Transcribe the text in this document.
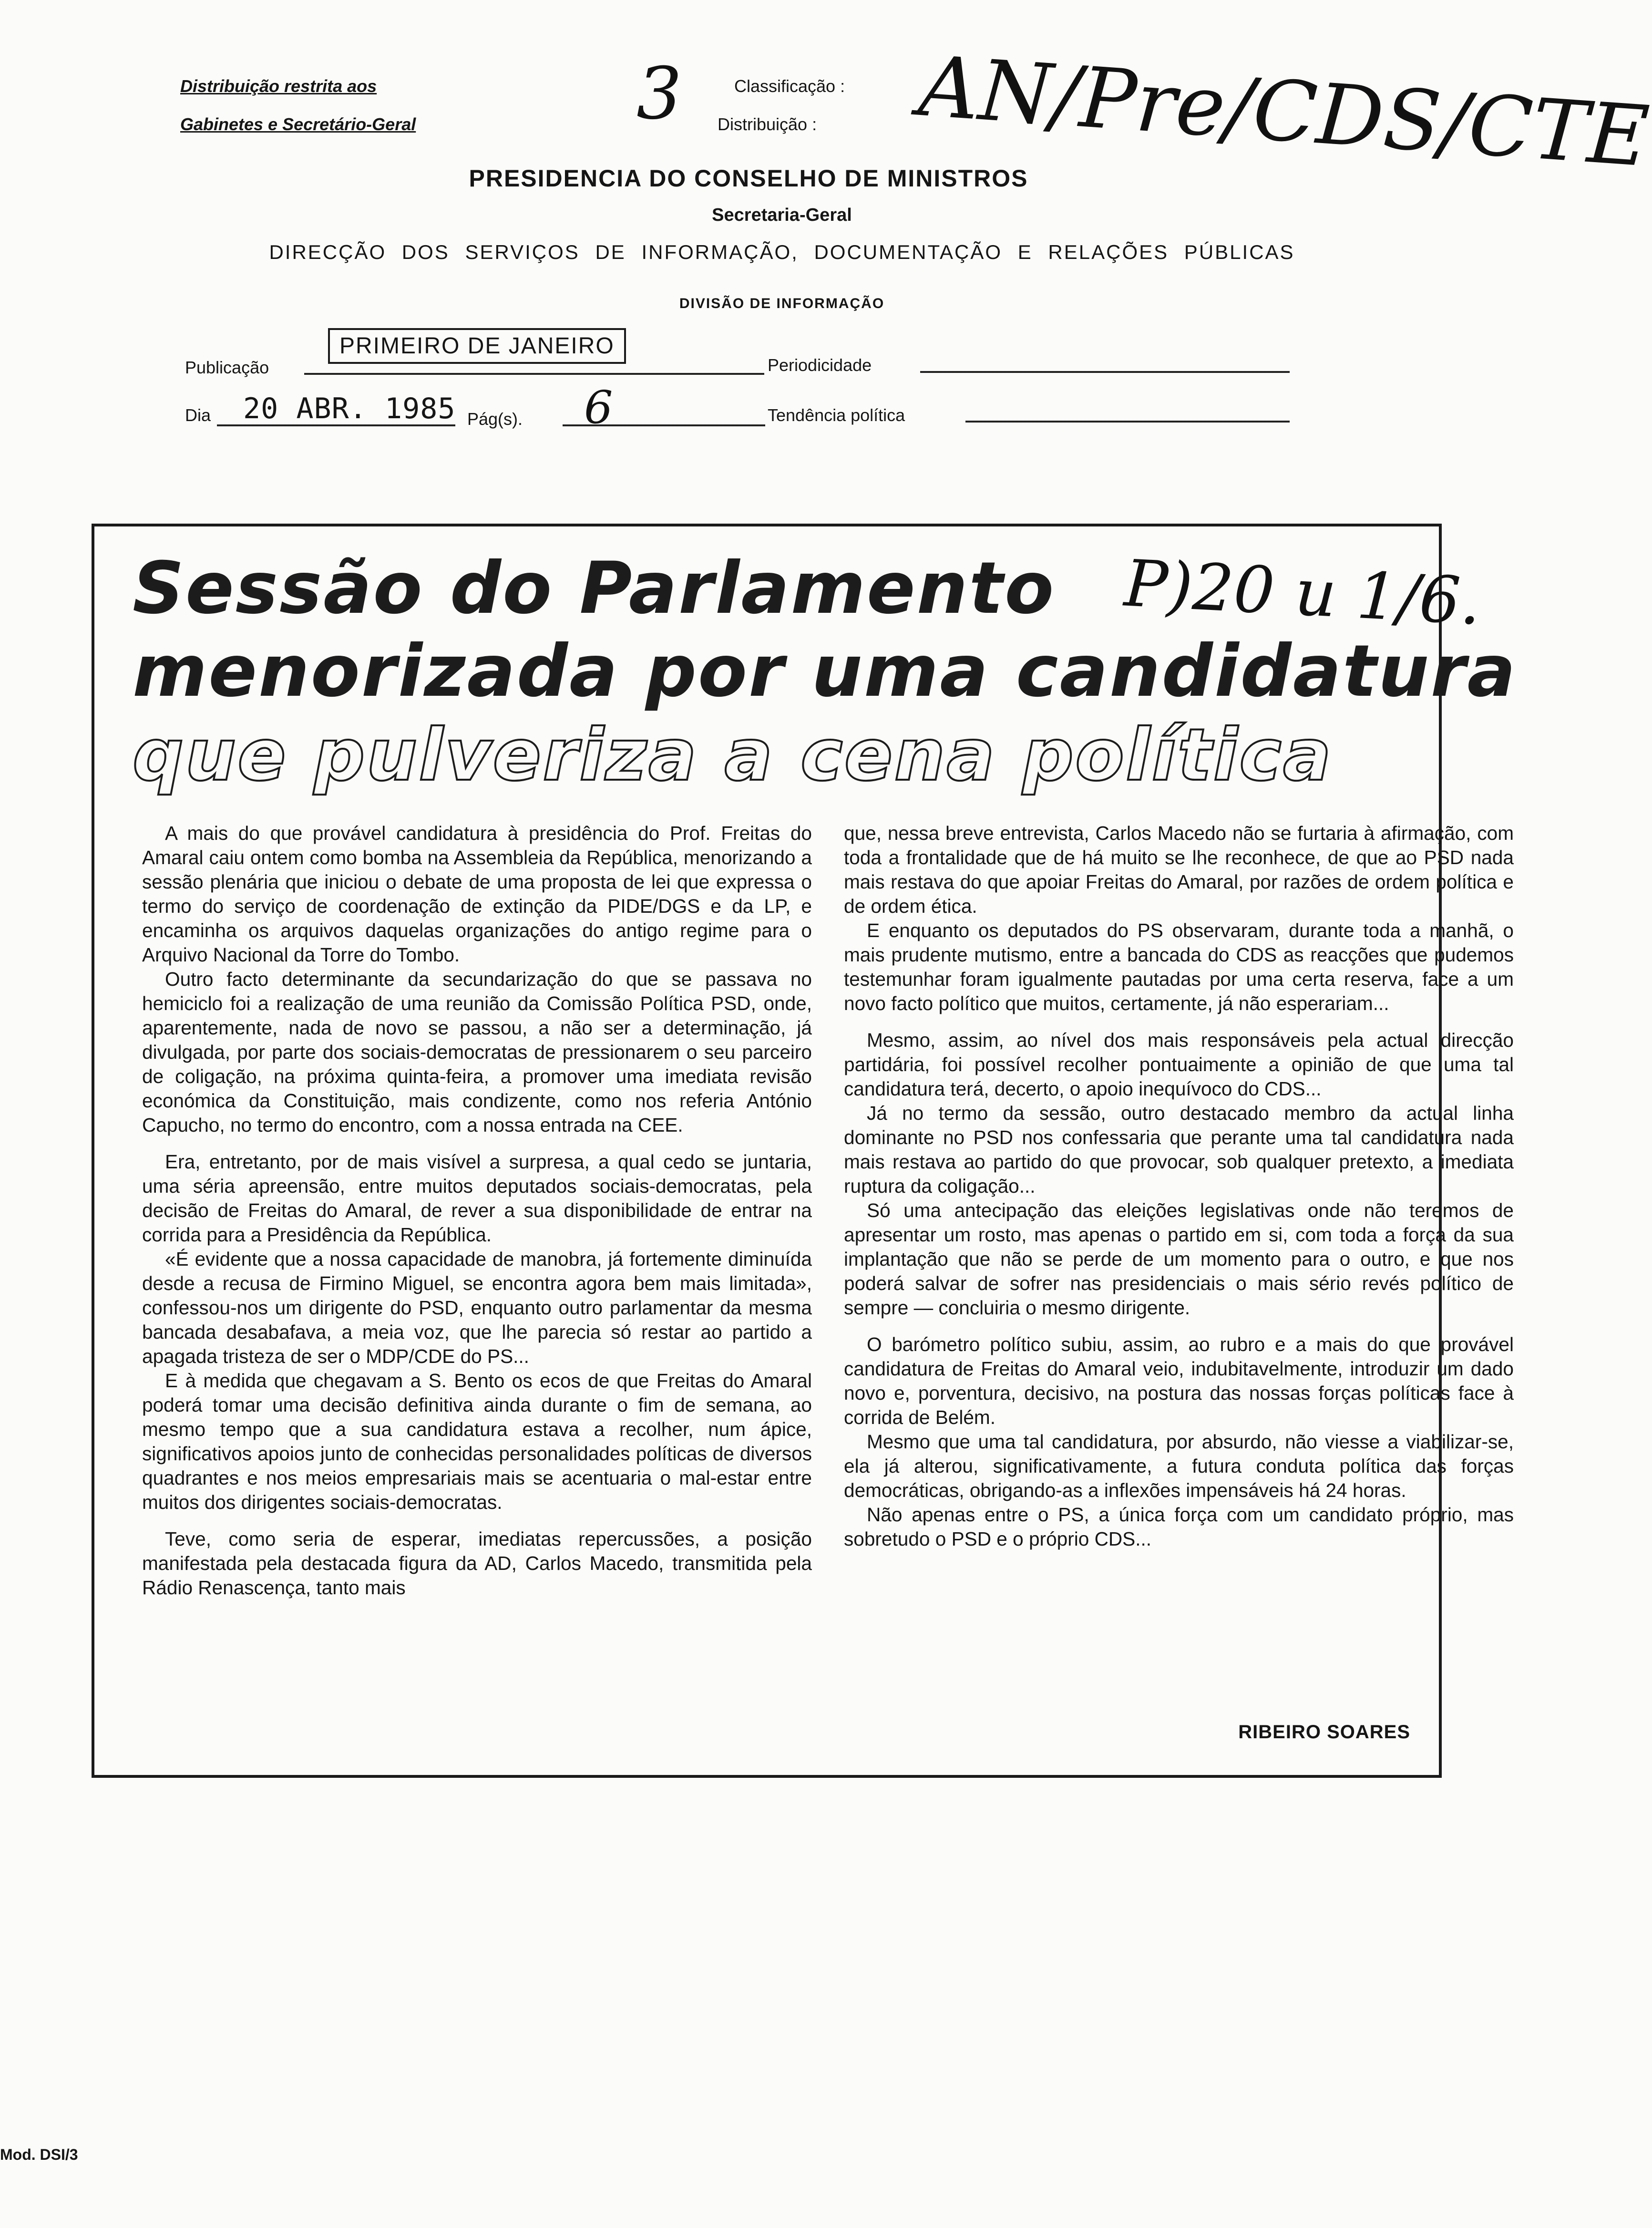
Distribuição restrita aos
Gabinetes e Secretário-Geral	3	Classificação :
Distribuição : AN/Pre/CDS/CTE
PRESIDENCIA DO CONSELHO DE MINISTROS
Secretaria-Geral
DIRECÇÃO DOS SERVIÇOS DE INFORMAÇÃO, DOCUMENTAÇÃO E RELAÇÕES PÚBLICAS
DIVISÃO DE INFORMAÇÃO
Publicação
PRIMEIRO DE JANEIRO
Periodicidade
Dia 20 ABR. 1985 Pág(s). 6	Tendência política
Sessão do Parlamento P)20 u 1/6.
menorizada por uma candidatura
que pulveriza a cena política

A mais do que provável candidatura à presidência do Prof. Freitas do Amaral caiu ontem como bomba na Assembleia da República, menorizando a sessão plenária que iniciou o debate de uma proposta de lei que expressa o termo do serviço de coordenação de extinção da PIDE/DGS e da LP, e encaminha os arquivos daquelas organizações do antigo regime para o Arquivo Nacional da Torre do Tombo.

Outro facto determinante da secundarização do que se passava no hemiciclo foi a realização de uma reunião da Comissão Política PSD, onde, aparentemente, nada de novo se passou, a não ser a determinação, já divulgada, por parte dos sociais-democratas de pressionarem o seu parceiro de coligação, na próxima quinta-feira, a promover uma imediata revisão económica da Constituição, mais condizente, como nos referia António Capucho, no termo do encontro, com a nossa entrada na CEE.

Era, entretanto, por de mais visível a surpresa, a qual cedo se juntaria, uma séria apreensão, entre muitos deputados sociais-democratas, pela decisão de Freitas do Amaral, de rever a sua disponibilidade de entrar na corrida para a Presidência da República.

«É evidente que a nossa capacidade de manobra, já fortemente diminuída desde a recusa de Firmino Miguel, se encontra agora bem mais limitada», confessou-nos um dirigente do PSD, enquanto outro parlamentar da mesma bancada desabafava, a meia voz, que lhe parecia só restar ao partido a apagada tristeza de ser o MDP/CDE do PS...

E à medida que chegavam a S. Bento os ecos de que Freitas do Amaral poderá tomar uma decisão definitiva ainda durante o fim de semana, ao mesmo tempo que a sua candidatura estava a recolher, num ápice, significativos apoios junto de conhecidas personalidades políticas de diversos quadrantes e nos meios empresariais mais se acentuaria o mal-estar entre muitos dos dirigentes sociais-democratas.

Teve, como seria de esperar, imediatas repercussões, a posição manifestada pela destacada figura da AD, Carlos Macedo, transmitida pela Rádio Renascença, tanto mais

que, nessa breve entrevista, Carlos Macedo não se furtaria à afirmação, com toda a frontalidade que de há muito se lhe reconhece, de que ao PSD nada mais restava do que apoiar Freitas do Amaral, por razões de ordem política e de ordem ética.

E enquanto os deputados do PS observaram, durante toda a manhã, o mais prudente mutismo, entre a bancada do CDS as reacções que pudemos testemunhar foram igualmente pautadas por uma certa reserva, face a um novo facto político que muitos, certamente, já não esperariam...

Mesmo, assim, ao nível dos mais responsáveis pela actual direcção partidária, foi possível recolher pontuaimente a opinião de que uma tal candidatura terá, decerto, o apoio inequívoco do CDS...

Já no termo da sessão, outro destacado membro da actual linha dominante no PSD nos confessaria que perante uma tal candidatura nada mais restava ao partido do que provocar, sob qualquer pretexto, a imediata ruptura da coligação...

Só uma antecipação das eleições legislativas onde não teremos de apresentar um rosto, mas apenas o partido em si, com toda a força da sua implantação que não se perde de um momento para o outro, e que nos poderá salvar de sofrer nas presidenciais o mais sério revés político de sempre — concluiria o mesmo dirigente.

O barómetro político subiu, assim, ao rubro e a mais do que provável candidatura de Freitas do Amaral veio, indubitavelmente, introduzir um dado novo e, porventura, decisivo, na postura das nossas forças políticas face à corrida de Belém.

Mesmo que uma tal candidatura, por absurdo, não viesse a viabilizar-se, ela já alterou, significativamente, a futura conduta política das forças democráticas, obrigando-as a inflexões impensáveis há 24 horas.

Não apenas entre o PS, a única força com um candidato próprio, mas sobretudo o PSD e o próprio CDS...

RIBEIRO SOARES
Mod. DSI/3
